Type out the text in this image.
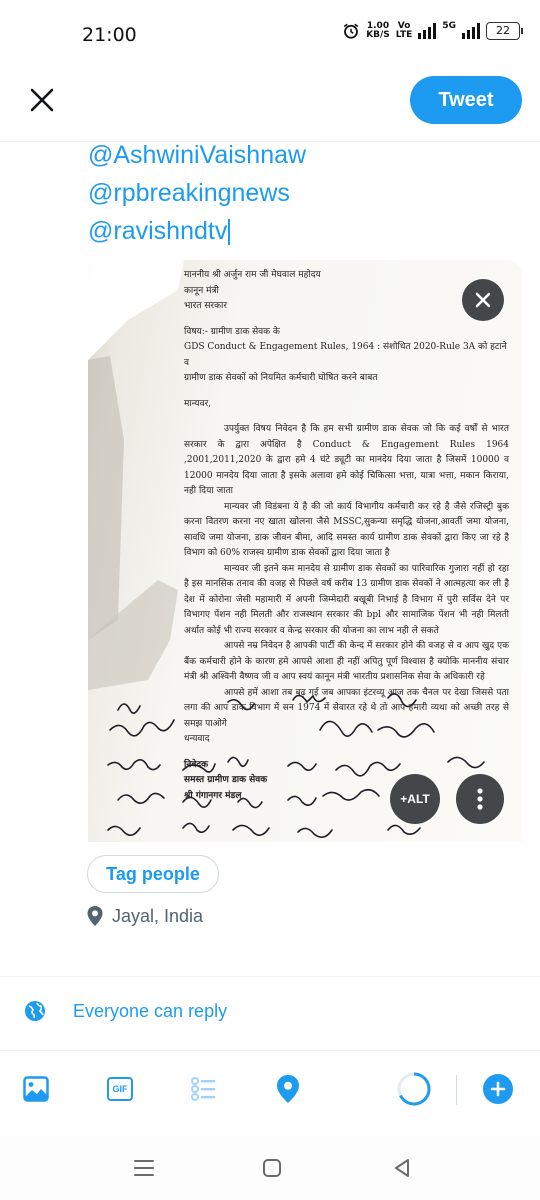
21:00	1.00
KB/S
Vo
LTE
5G	22
Tweet
@AshwiniVaishnaw
@rpbreakingnews
@ravishndtv
माननीय श्री अर्जुन राम जी मेघवाल महोदय
कानून मंत्री
भारत सरकार
विषय:- ग्रामीण डाक सेवक के
GDS Conduct & Engagement Rules, 1964 : संशोधित 2020-Rule 3A को हटाने व
ग्रामीण डाक सेवकों को नियमित कर्मचारी घोषित करने बाबत
मान्यवर,
उपर्युक्त विषय निवेदन है कि हम सभी ग्रामीण डाक सेवक जो कि कई वर्षों से भारत सरकार के द्वारा अपेक्षित है Conduct & Engagement Rules 1964 ,2001,2011,2020 के द्वारा हमे 4 घंटे ड्यूटी का मानदेय दिया जाता है जिसमें 10000 व 12000 मानदेय दिया जाता है इसके अलावा हमे कोई चिकित्सा भत्ता, यात्रा भत्ता, मकान किराया, नही दिया जाता
मान्यवर जी विडंबना ये है की जो कार्य विभागीय कर्मचारी कर रहे है जैसे रजिस्ट्री बुक करना वितरण करना नए खाता खोलना जैसे MSSC,सुकन्या समृद्धि योजना,आवर्ती जमा योजना, सावधि जमा योजना, डाक जीवन बीमा, आदि समस्त कार्य ग्रामीण डाक सेवकों द्वारा किए जा रहे है विभाग को 60% राजस्व ग्रामीण डाक सेवकों द्वारा दिया जाता है
मान्यवर जी इतने कम मानदेय से ग्रामीण डाक सेवकों का पारिवारिक गुजारा नहीं हो रहा है इस मानसिक तनाव की वजह से पिछले वर्ष करीब 13 ग्रामीण डाक सेवकों ने आत्महत्या कर ली है देश में कोरोना जेसी महामारी में अपनी जिम्मेदारी बखूबी निभाई है विभाग में पुरी सर्विस देने पर विभागए पेंशन नही मिलती और राजस्थान सरकार की bpl और सामाजिक पेंशन भी नही मिलती अर्थात कोई भी राज्य सरकार व केन्द्र सरकार की योजना का लाभ नही ले सकते
आपसे नम्र निवेदन है आपकी पार्टी की केन्द में सरकार होने की वजह से व आप खुद एक बैंक कर्मचारी होने के कारण हमे आपसे आशा ही नहीं अपितु पूर्ण विश्वास है क्योकि माननीय संचार मंत्री श्री अश्विनी वैष्णव जी व आप स्वयं कानून मंत्री भारतीय प्रशासनिक सेवा के अधिकारी रहे
आपसे हमें आशा तब बढ़ गई जब आपका इंटरव्यू आज तक चैनल पर देखा जिससे पता लगा की आप डाक विभाग में सन 1974 में सेवारत रहे थे तो आप हमारी व्यथा को अच्छी तरह से समझ पाओगे
धन्यवाद
निवेदक
समस्त ग्रामीण डाक सेवक
श्री गंगानगर मंडल	+ALT
Tag people
Jayal, India
Everyone can reply
GIF
